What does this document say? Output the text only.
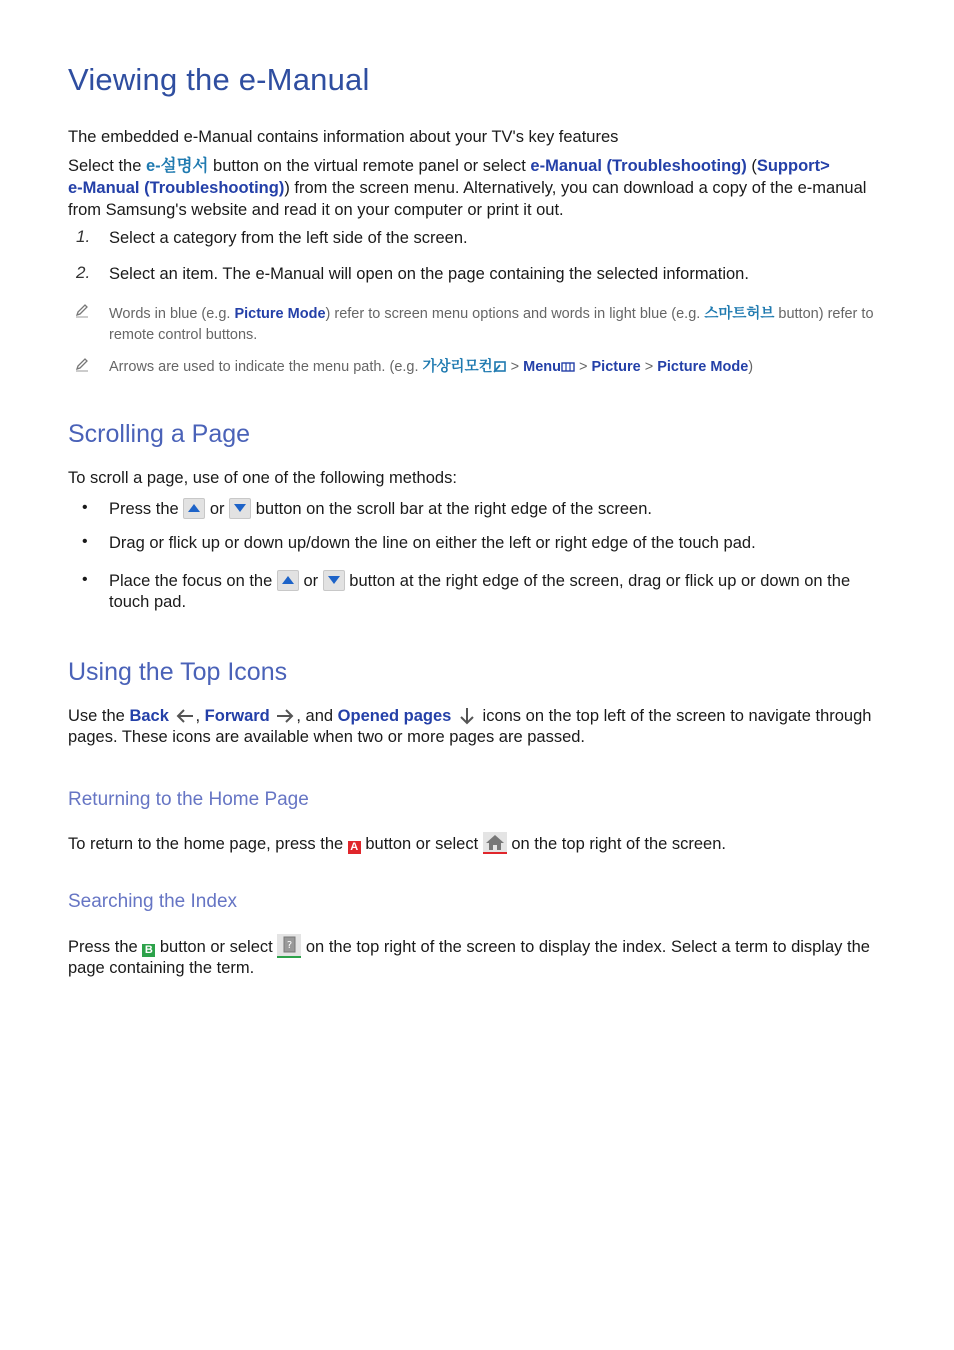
Viewing the e-Manual

The embedded e-Manual contains information about your TV's key features

Select the e-설명서 button on the virtual remote panel or select e-Manual (Troubleshooting) (Support>
e-Manual (Troubleshooting)) from the screen menu. Alternatively, you can download a copy of the e-manual from Samsung's website and read it on your computer or print it out.

1. Select a category from the left side of the screen.

2. Select an item. The e-Manual will open on the page containing the selected information.

Words in blue (e.g. Picture Mode) refer to screen menu options and words in light blue (e.g. 스마트허브 button) refer to remote control buttons.

Arrows are used to indicate the menu path. (e.g. 가상리모컨 > Menu > Picture > Picture Mode)

Scrolling a Page

To scroll a page, use of one of the following methods:

• Press the
or
button on the scroll bar at the right edge of the screen.

• Drag or flick up or down up/down the line on either the left or right edge of the touch pad.

• Place the focus on the
or
button at the right edge of the screen, drag or flick up or down on the touch pad.

Using the Top Icons

Use the Back , Forward , and Opened pages  icons on the top left of the screen to navigate through pages. These icons are available when two or more pages are passed.

Returning to the Home Page

To return to the home page, press the A button or select  on the top right of the screen.

Searching the Index

Press the B button or select ? on the top right of the screen to display the index. Select a term to display the page containing the term.
